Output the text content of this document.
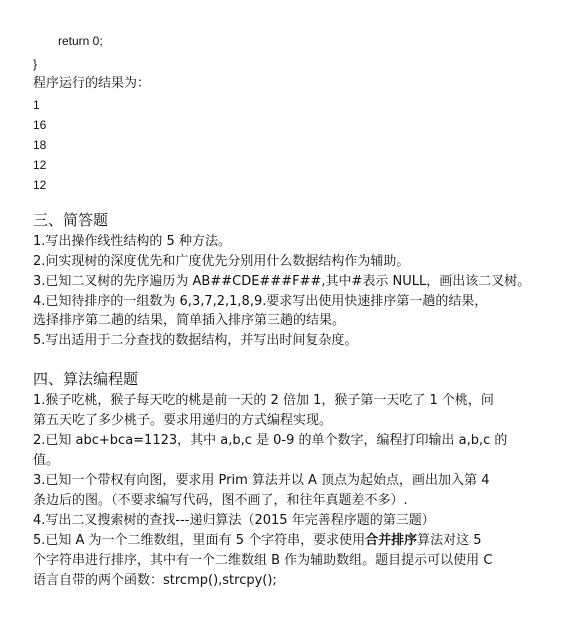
return 0;
}
程序运行的结果为：
1
16
18
12
12
三、简答题
1.写出操作线性结构的 5 种方法。
2.问实现树的深度优先和广度优先分别用什么数据结构作为辅助。
3.已知二叉树的先序遍历为 AB##CDE###F##,其中#表示 NULL，画出该二叉树。
4.已知待排序的一组数为 6,3,7,2,1,8,9.要求写出使用快速排序第一趟的结果，
选择排序第二趟的结果，简单插入排序第三趟的结果。
5.写出适用于二分查找的数据结构，并写出时间复杂度。
四、算法编程题
1.猴子吃桃，猴子每天吃的桃是前一天的 2 倍加 1，猴子第一天吃了 1 个桃，问
第五天吃了多少桃子。要求用递归的方式编程实现。
2.已知 abc+bca=1123，其中 a,b,c 是 0-9 的单个数字，编程打印输出 a,b,c 的
值。
3.已知一个带权有向图，要求用 Prim 算法并以 A 顶点为起始点，画出加入第 4
条边后的图。（不要求编写代码，图不画了，和往年真题差不多）.
4.写出二叉搜索树的查找---递归算法（2015 年完善程序题的第三题）
5.已知 A 为一个二维数组，里面有 5 个字符串，要求使用合并排序算法对这 5
个字符串进行排序，其中有一个二维数组 B 作为辅助数组。题目提示可以使用 C
语言自带的两个函数：strcmp(),strcpy();
